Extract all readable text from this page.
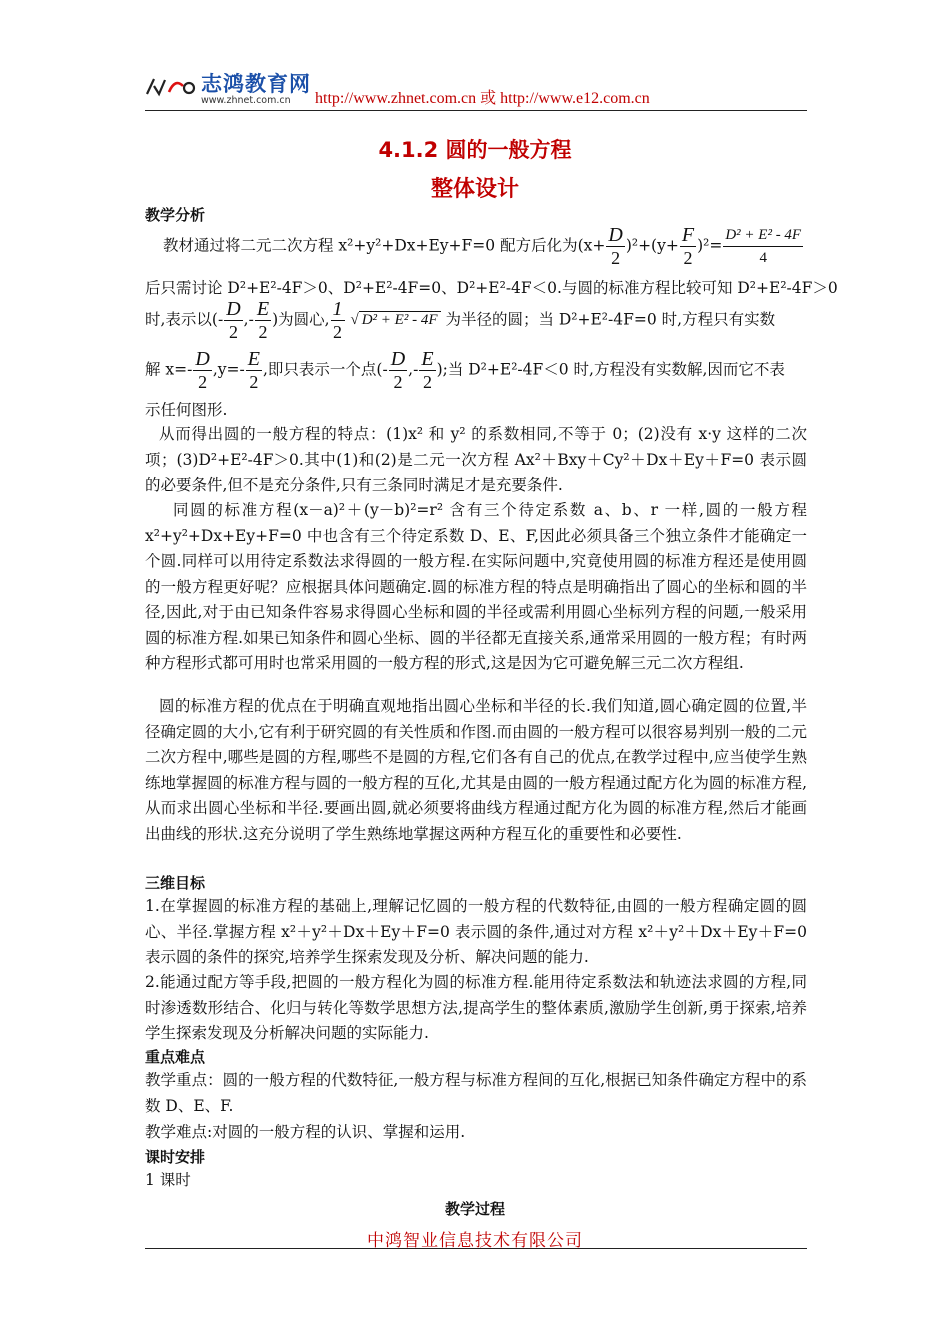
志鸿教育网
www.zhnet.com.cn http://www.zhnet.com.cn 或 http://www.e12.com.cn
4.1.2 圆的一般方程
整体设计
教学分析
教材通过将二元二次方程 x²+y²+Dx+Ey+F=0 配方后化为$(x+ \frac{D}{2} )^2+(y+ \frac{F}{2} )^2= \frac{\text{D² + E² - 4F}}{4}$
后只需讨论 D²+E²-4F＞0、D²+E²-4F=0、D²+E²-4F＜0.与圆的标准方程比较可知 D²+E²-4F＞0
时,表示以(- $\frac{D}{2}$ ,- $\frac{E}{2}$ )为圆心, $\frac{1}{2}$ √ D² + E² - 4F 为半径的圆；当 D²+E²-4F=0 时,方程只有实数
解 $x=- \frac{D}{2} ,y=- \frac{E}{2}$ ,即只表示一个点(- $\frac{D}{2}$ ,- $\frac{E}{2}$ );当 D²+E²-4F＜0 时,方程没有实数解,因而它不表
示任何图形.
从而得出圆的一般方程的特点：(1)x² 和 y² 的系数相同,不等于 0；(2)没有 x·y 这样的二次项；(3)D²+E²-4F＞0.其中(1)和(2)是二元一次方程 Ax²＋Bxy＋Cy²＋Dx＋Ey＋F=0 表示圆的必要条件,但不是充分条件,只有三条同时满足才是充要条件.
同圆的标准方程(x－a)²＋(y－b)²=r² 含有三个待定系数 a、b、r 一样,圆的一般方程 x²+y²+Dx+Ey+F=0 中也含有三个待定系数 D、E、F,因此必须具备三个独立条件才能确定一个圆.同样可以用待定系数法求得圆的一般方程.在实际问题中,究竟使用圆的标准方程还是使用圆的一般方程更好呢？应根据具体问题确定.圆的标准方程的特点是明确指出了圆心的坐标和圆的半径,因此,对于由已知条件容易求得圆心坐标和圆的半径或需利用圆心坐标列方程的问题,一般采用圆的标准方程.如果已知条件和圆心坐标、圆的半径都无直接关系,通常采用圆的一般方程；有时两种方程形式都可用时也常采用圆的一般方程的形式,这是因为它可避免解三元二次方程组.
圆的标准方程的优点在于明确直观地指出圆心坐标和半径的长.我们知道,圆心确定圆的位置,半径确定圆的大小,它有利于研究圆的有关性质和作图.而由圆的一般方程可以很容易判别一般的二元二次方程中,哪些是圆的方程,哪些不是圆的方程,它们各有自己的优点,在教学过程中,应当使学生熟练地掌握圆的标准方程与圆的一般方程的互化,尤其是由圆的一般方程通过配方化为圆的标准方程,从而求出圆心坐标和半径.要画出圆,就必须要将曲线方程通过配方化为圆的标准方程,然后才能画出曲线的形状.这充分说明了学生熟练地掌握这两种方程互化的重要性和必要性.
三维目标
1.在掌握圆的标准方程的基础上,理解记忆圆的一般方程的代数特征,由圆的一般方程确定圆的圆心、半径.掌握方程 x²＋y²＋Dx＋Ey＋F=0 表示圆的条件,通过对方程 x²＋y²＋Dx＋Ey＋F=0 表示圆的条件的探究,培养学生探索发现及分析、解决问题的能力.
2.能通过配方等手段,把圆的一般方程化为圆的标准方程.能用待定系数法和轨迹法求圆的方程,同时渗透数形结合、化归与转化等数学思想方法,提高学生的整体素质,激励学生创新,勇于探索,培养学生探索发现及分析解决问题的实际能力.
重点难点
教学重点：圆的一般方程的代数特征,一般方程与标准方程间的互化,根据已知条件确定方程中的系数 D、E、F.
教学难点:对圆的一般方程的认识、掌握和运用.
课时安排
1 课时
教学过程
中鸿智业信息技术有限公司
